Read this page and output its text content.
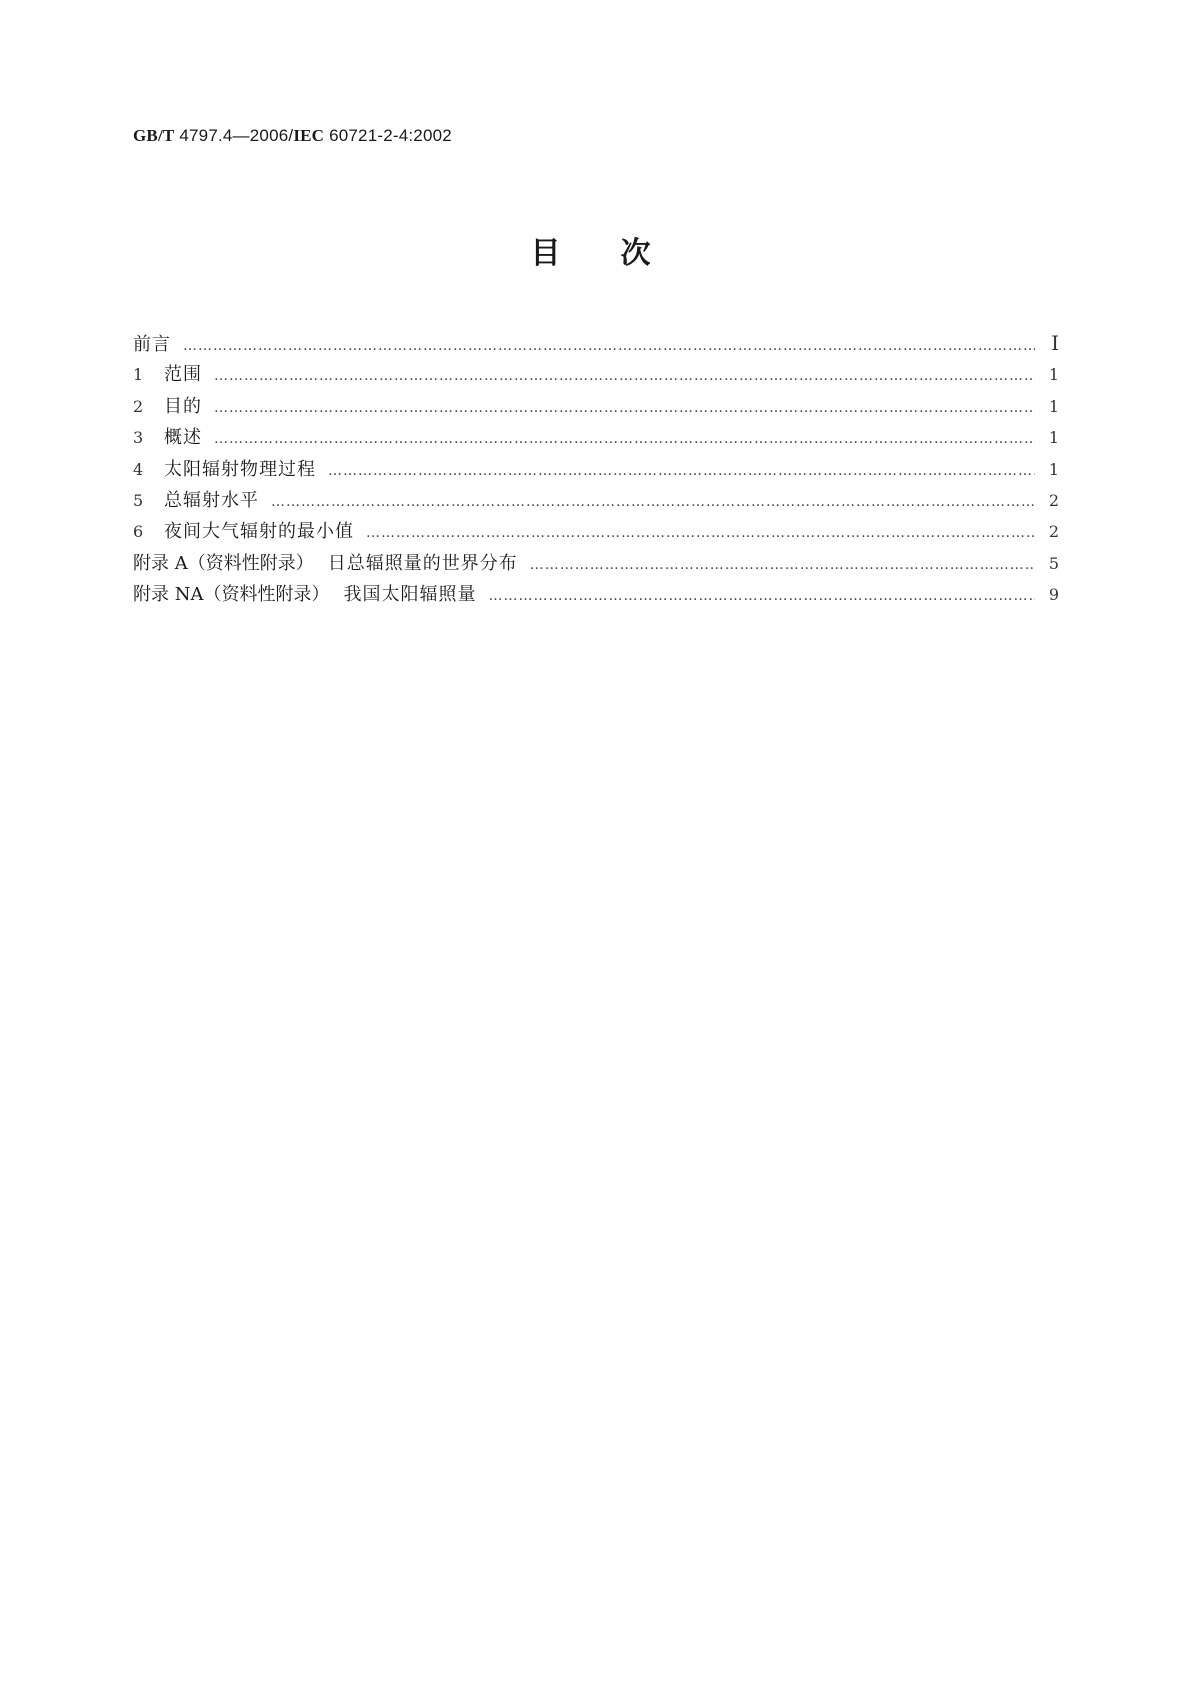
GB/T 4797.4—2006/IEC 60721-2-4:2002
目次
前言 ………………………………………………………………………………………………………………………………………………………………………………………………………………………………………………………………	Ⅰ
1	范围 ………………………………………………………………………………………………………………………………………………………………………………………………………………………………………………………………	1
2	目的 ………………………………………………………………………………………………………………………………………………………………………………………………………………………………………………………………	1
3	概述 ………………………………………………………………………………………………………………………………………………………………………………………………………………………………………………………………	1
4	太阳辐射物理过程 ………………………………………………………………………………………………………………………………………………………………………………………………………………………………………………………………	1
5	总辐射水平 ………………………………………………………………………………………………………………………………………………………………………………………………………………………………………………………………	2
6	夜间大气辐射的最小值 ………………………………………………………………………………………………………………………………………………………………………………………………………………………………………………………………	2
附录 A（资料性附录） 日总辐照量的世界分布 ………………………………………………………………………………………………………………………………………………………………………………………………………………………………………………………………	5
附录 NA（资料性附录） 我国太阳辐照量 ………………………………………………………………………………………………………………………………………………………………………………………………………………………………………………………………	9
